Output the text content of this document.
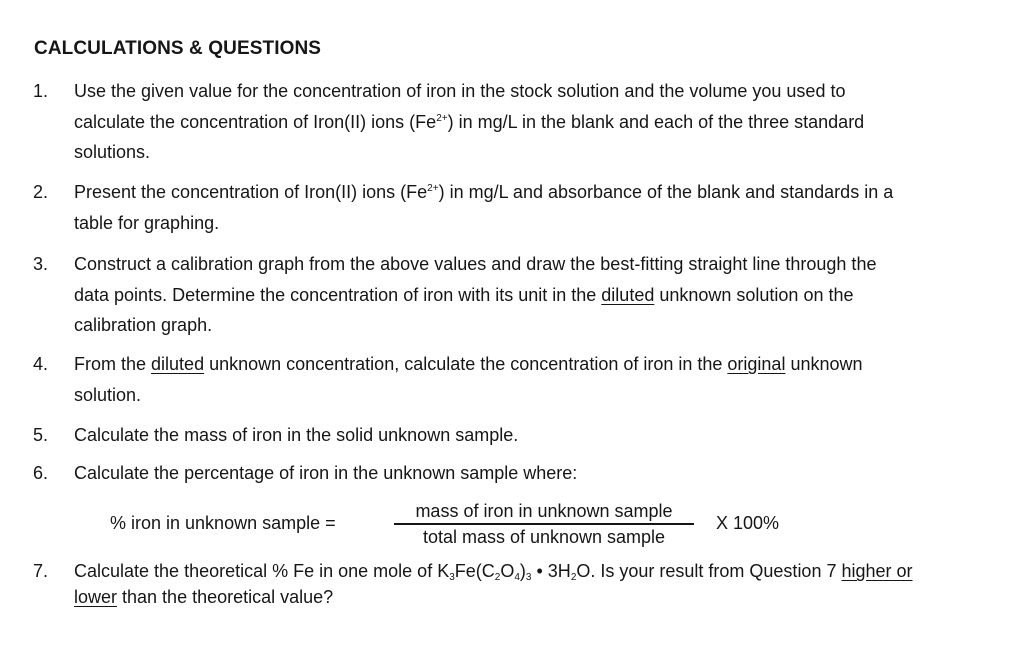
CALCULATIONS & QUESTIONS
1. Use the given value for the concentration of iron in the stock solution and the volume you used to calculate the concentration of Iron(II) ions $(Fe^{2+})$ in mg/L in the blank and each of the three standard solutions.
2. Present the concentration of Iron(II) ions $(Fe^{2+})$ in mg/L and absorbance of the blank and standards in a table for graphing.
3. Construct a calibration graph from the above values and draw the best-fitting straight line through the data points. Determine the concentration of iron with its unit in the diluted unknown solution on the calibration graph.
4. From the diluted unknown concentration, calculate the concentration of iron in the original unknown solution.
5. Calculate the mass of iron in the solid unknown sample.
6. Calculate the percentage of iron in the unknown sample where:
% iron in unknown sample =
mass of iron in unknown sample
total mass of unknown sample
X 100%
7. Calculate the theoretical % Fe in one mole of $K_3Fe(C_2O_4)_3$ • $3H_2O$. Is your result from Question 7 higher or lower than the theoretical value?
